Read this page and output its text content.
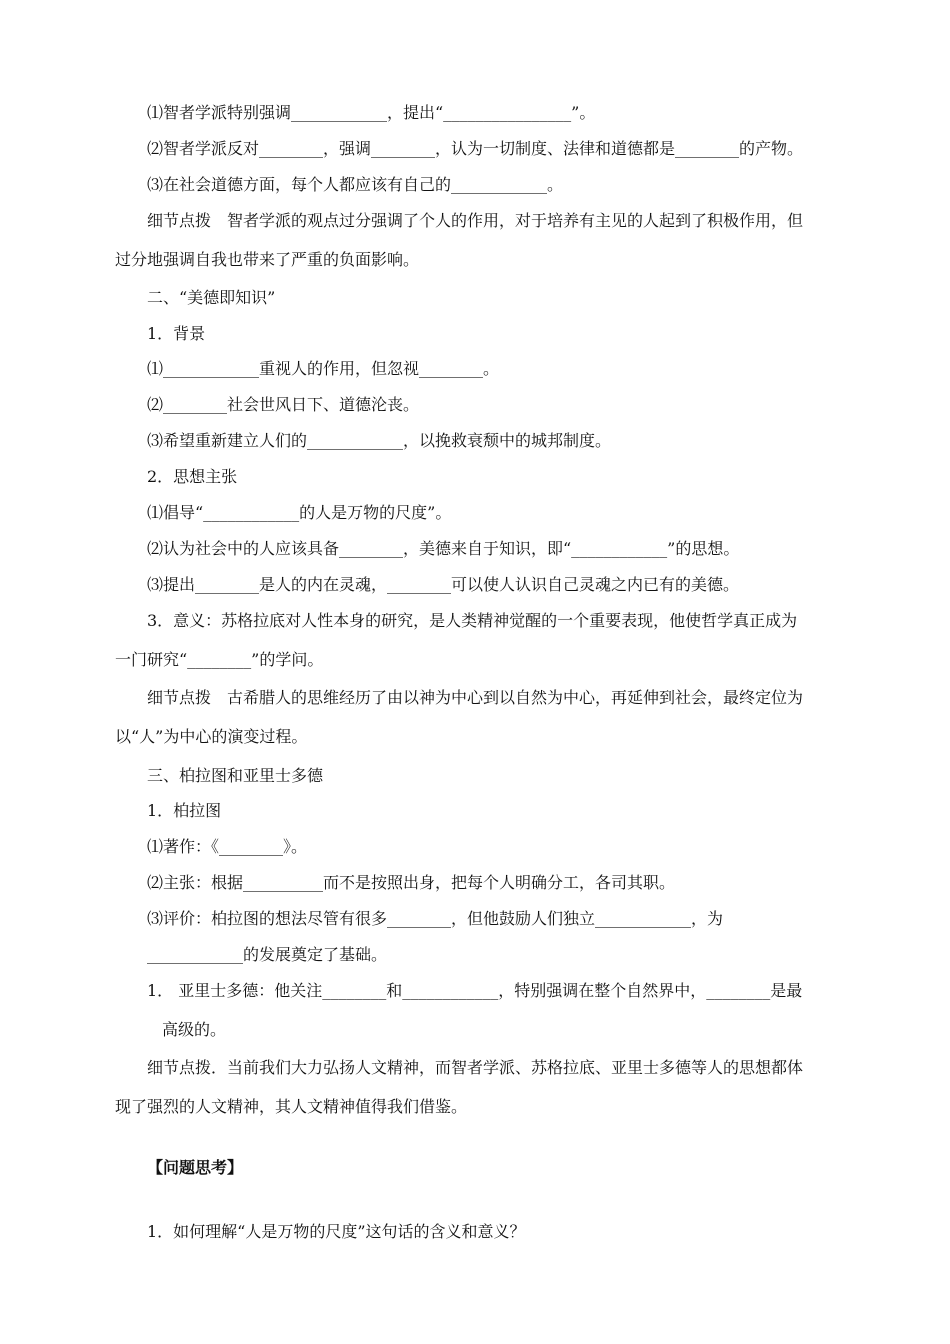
⑴智者学派特别强调____________，提出“________________”。
⑵智者学派反对________，强调________，认为一切制度、法律和道德都是________的产物。
⑶在社会道德方面，每个人都应该有自己的____________。
细节点拨　智者学派的观点过分强调了个人的作用，对于培养有主见的人起到了积极作用，但
过分地强调自我也带来了严重的负面影响。
二、“美德即知识”
1．背景
⑴____________重视人的作用，但忽视________。
⑵________社会世风日下、道德沦丧。
⑶希望重新建立人们的____________，以挽救衰颓中的城邦制度。
2．思想主张
⑴倡导“____________的人是万物的尺度”。
⑵认为社会中的人应该具备________，美德来自于知识，即“____________”的思想。
⑶提出________是人的内在灵魂，________可以使人认识自己灵魂之内已有的美德。
3．意义：苏格拉底对人性本身的研究，是人类精神觉醒的一个重要表现，他使哲学真正成为
一门研究“________”的学问。
细节点拨　古希腊人的思维经历了由以神为中心到以自然为中心，再延伸到社会，最终定位为
以“人”为中心的演变过程。
三、柏拉图和亚里士多德
1．柏拉图
⑴著作：《________》。
⑵主张：根据__________而不是按照出身，把每个人明确分工，各司其职。
⑶评价：柏拉图的想法尽管有很多________，但他鼓励人们独立____________，为
____________的发展奠定了基础。
1． 亚里士多德：他关注________和____________，特别强调在整个自然界中，________是最
高级的。
细节点拨．当前我们大力弘扬人文精神，而智者学派、苏格拉底、亚里士多德等人的思想都体
现了强烈的人文精神，其人文精神值得我们借鉴。
【问题思考】
1．如何理解“人是万物的尺度”这句话的含义和意义？
